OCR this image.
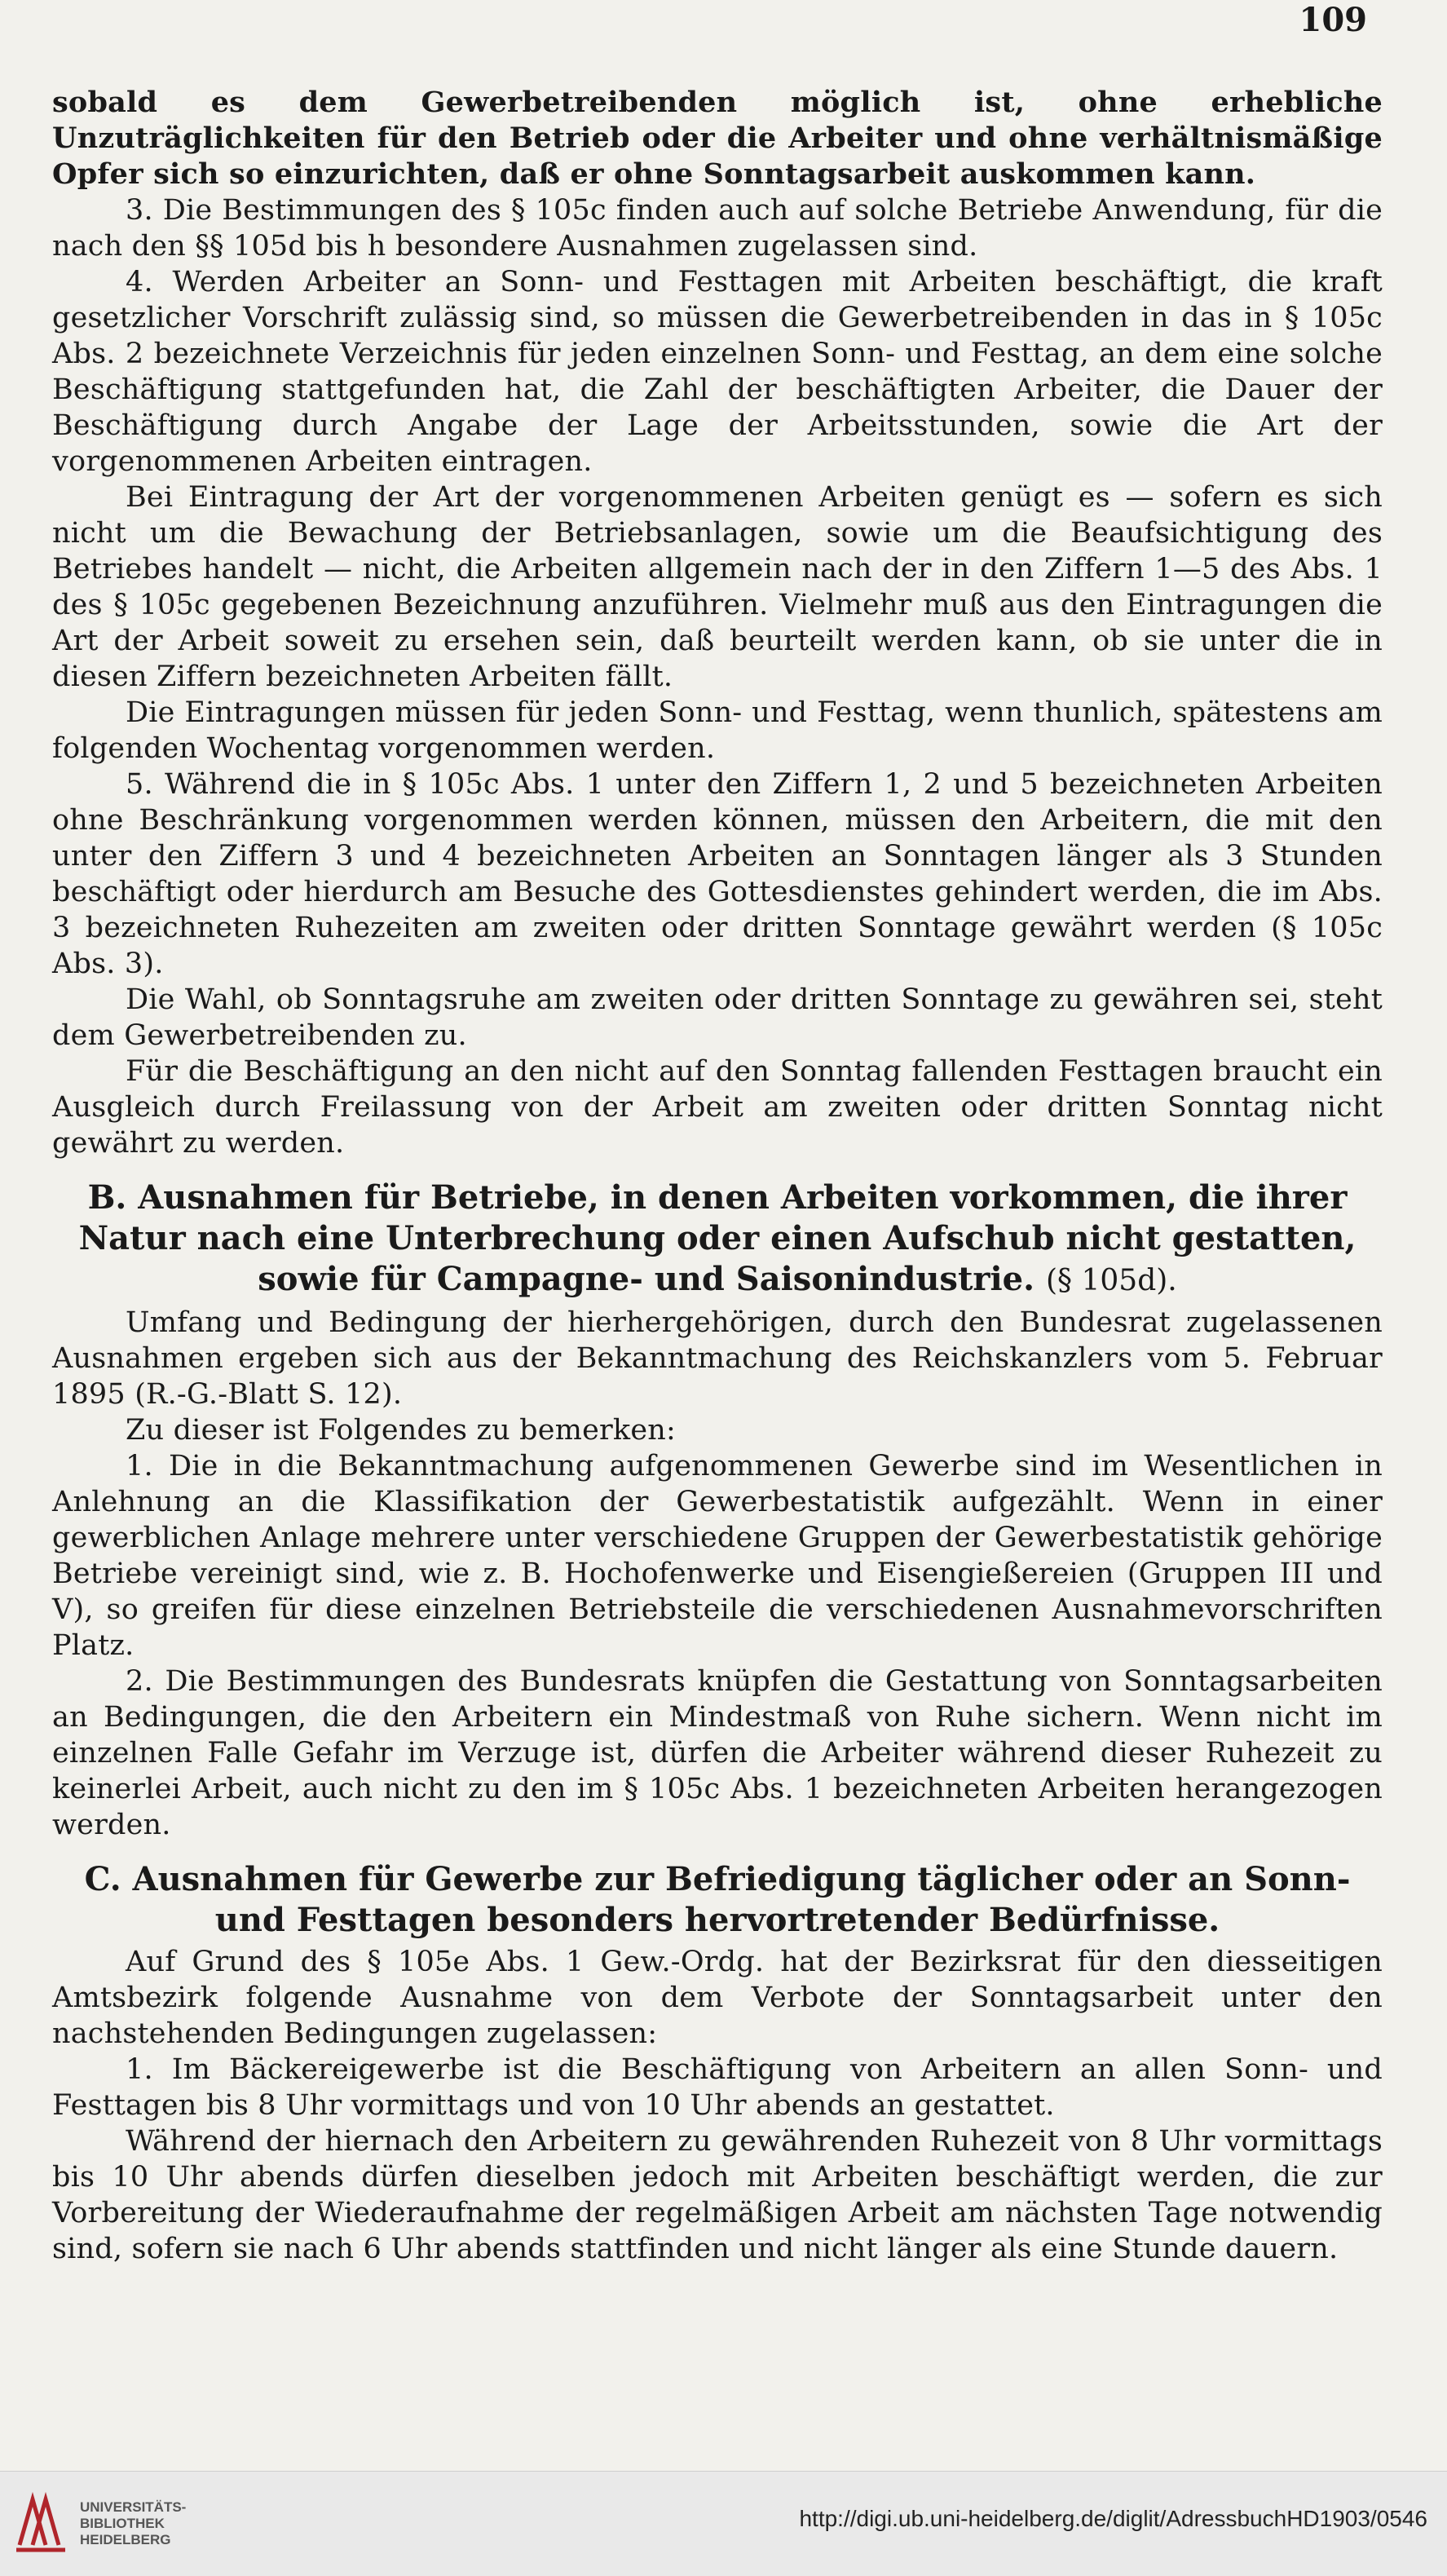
109

sobald es dem Gewerbetreibenden möglich ist, ohne erhebliche Unzuträglichkeiten für den Betrieb oder die Arbeiter und ohne verhältnismäßige Opfer sich so einzurichten, daß er ohne Sonntagsarbeit auskommen kann.

3. Die Bestimmungen des § 105c finden auch auf solche Betriebe Anwendung, für die nach den §§ 105d bis h besondere Ausnahmen zugelassen sind.

4. Werden Arbeiter an Sonn- und Festtagen mit Arbeiten beschäftigt, die kraft gesetzlicher Vorschrift zulässig sind, so müssen die Gewerbetreibenden in das in § 105c Abs. 2 bezeichnete Verzeichnis für jeden einzelnen Sonn- und Festtag, an dem eine solche Beschäftigung stattgefunden hat, die Zahl der beschäftigten Arbeiter, die Dauer der Beschäftigung durch Angabe der Lage der Arbeitsstunden, sowie die Art der vorgenommenen Arbeiten eintragen.

Bei Eintragung der Art der vorgenommenen Arbeiten genügt es — sofern es sich nicht um die Bewachung der Betriebsanlagen, sowie um die Beaufsichtigung des Betriebes handelt — nicht, die Arbeiten allgemein nach der in den Ziffern 1—5 des Abs. 1 des § 105c gegebenen Bezeichnung anzuführen. Vielmehr muß aus den Eintragungen die Art der Arbeit soweit zu ersehen sein, daß beurteilt werden kann, ob sie unter die in diesen Ziffern bezeichneten Arbeiten fällt.

Die Eintragungen müssen für jeden Sonn- und Festtag, wenn thunlich, spätestens am folgenden Wochentag vorgenommen werden.

5. Während die in § 105c Abs. 1 unter den Ziffern 1, 2 und 5 bezeichneten Arbeiten ohne Beschränkung vorgenommen werden können, müssen den Arbeitern, die mit den unter den Ziffern 3 und 4 bezeichneten Arbeiten an Sonntagen länger als 3 Stunden beschäftigt oder hierdurch am Besuche des Gottesdienstes gehindert werden, die im Abs. 3 bezeichneten Ruhezeiten am zweiten oder dritten Sonntage gewährt werden (§ 105c Abs. 3).

Die Wahl, ob Sonntagsruhe am zweiten oder dritten Sonntage zu gewähren sei, steht dem Gewerbetreibenden zu.

Für die Beschäftigung an den nicht auf den Sonntag fallenden Festtagen braucht ein Ausgleich durch Freilassung von der Arbeit am zweiten oder dritten Sonntag nicht gewährt zu werden.

B. Ausnahmen für Betriebe, in denen Arbeiten vorkommen, die ihrer Natur nach eine Unterbrechung oder einen Aufschub nicht gestatten, sowie für Campagne- und Saisonindustrie. (§ 105d).

Umfang und Bedingung der hierhergehörigen, durch den Bundesrat zugelassenen Ausnahmen ergeben sich aus der Bekanntmachung des Reichskanzlers vom 5. Februar 1895 (R.-G.-Blatt S. 12).

Zu dieser ist Folgendes zu bemerken:

1. Die in die Bekanntmachung aufgenommenen Gewerbe sind im Wesentlichen in Anlehnung an die Klassifikation der Gewerbestatistik aufgezählt. Wenn in einer gewerblichen Anlage mehrere unter verschiedene Gruppen der Gewerbestatistik gehörige Betriebe vereinigt sind, wie z. B. Hochofenwerke und Eisengießereien (Gruppen III und V), so greifen für diese einzelnen Betriebsteile die verschiedenen Ausnahmevorschriften Platz.

2. Die Bestimmungen des Bundesrats knüpfen die Gestattung von Sonntagsarbeiten an Bedingungen, die den Arbeitern ein Mindestmaß von Ruhe sichern. Wenn nicht im einzelnen Falle Gefahr im Verzuge ist, dürfen die Arbeiter während dieser Ruhezeit zu keinerlei Arbeit, auch nicht zu den im § 105c Abs. 1 bezeichneten Arbeiten herangezogen werden.

C. Ausnahmen für Gewerbe zur Befriedigung täglicher oder an Sonn- und Festtagen besonders hervortretender Bedürfnisse.

Auf Grund des § 105e Abs. 1 Gew.-Ordg. hat der Bezirksrat für den diesseitigen Amtsbezirk folgende Ausnahme von dem Verbote der Sonntagsarbeit unter den nachstehenden Bedingungen zugelassen:

1. Im Bäckereigewerbe ist die Beschäftigung von Arbeitern an allen Sonn- und Festtagen bis 8 Uhr vormittags und von 10 Uhr abends an gestattet.

Während der hiernach den Arbeitern zu gewährenden Ruhezeit von 8 Uhr vormittags bis 10 Uhr abends dürfen dieselben jedoch mit Arbeiten beschäftigt werden, die zur Vorbereitung der Wiederaufnahme der regelmäßigen Arbeit am nächsten Tage notwendig sind, sofern sie nach 6 Uhr abends stattfinden und nicht länger als eine Stunde dauern.

UNIVERSITÄTS-
BIBLIOTHEK
HEIDELBERG
http://digi.ub.uni-heidelberg.de/diglit/AdressbuchHD1903/0546
